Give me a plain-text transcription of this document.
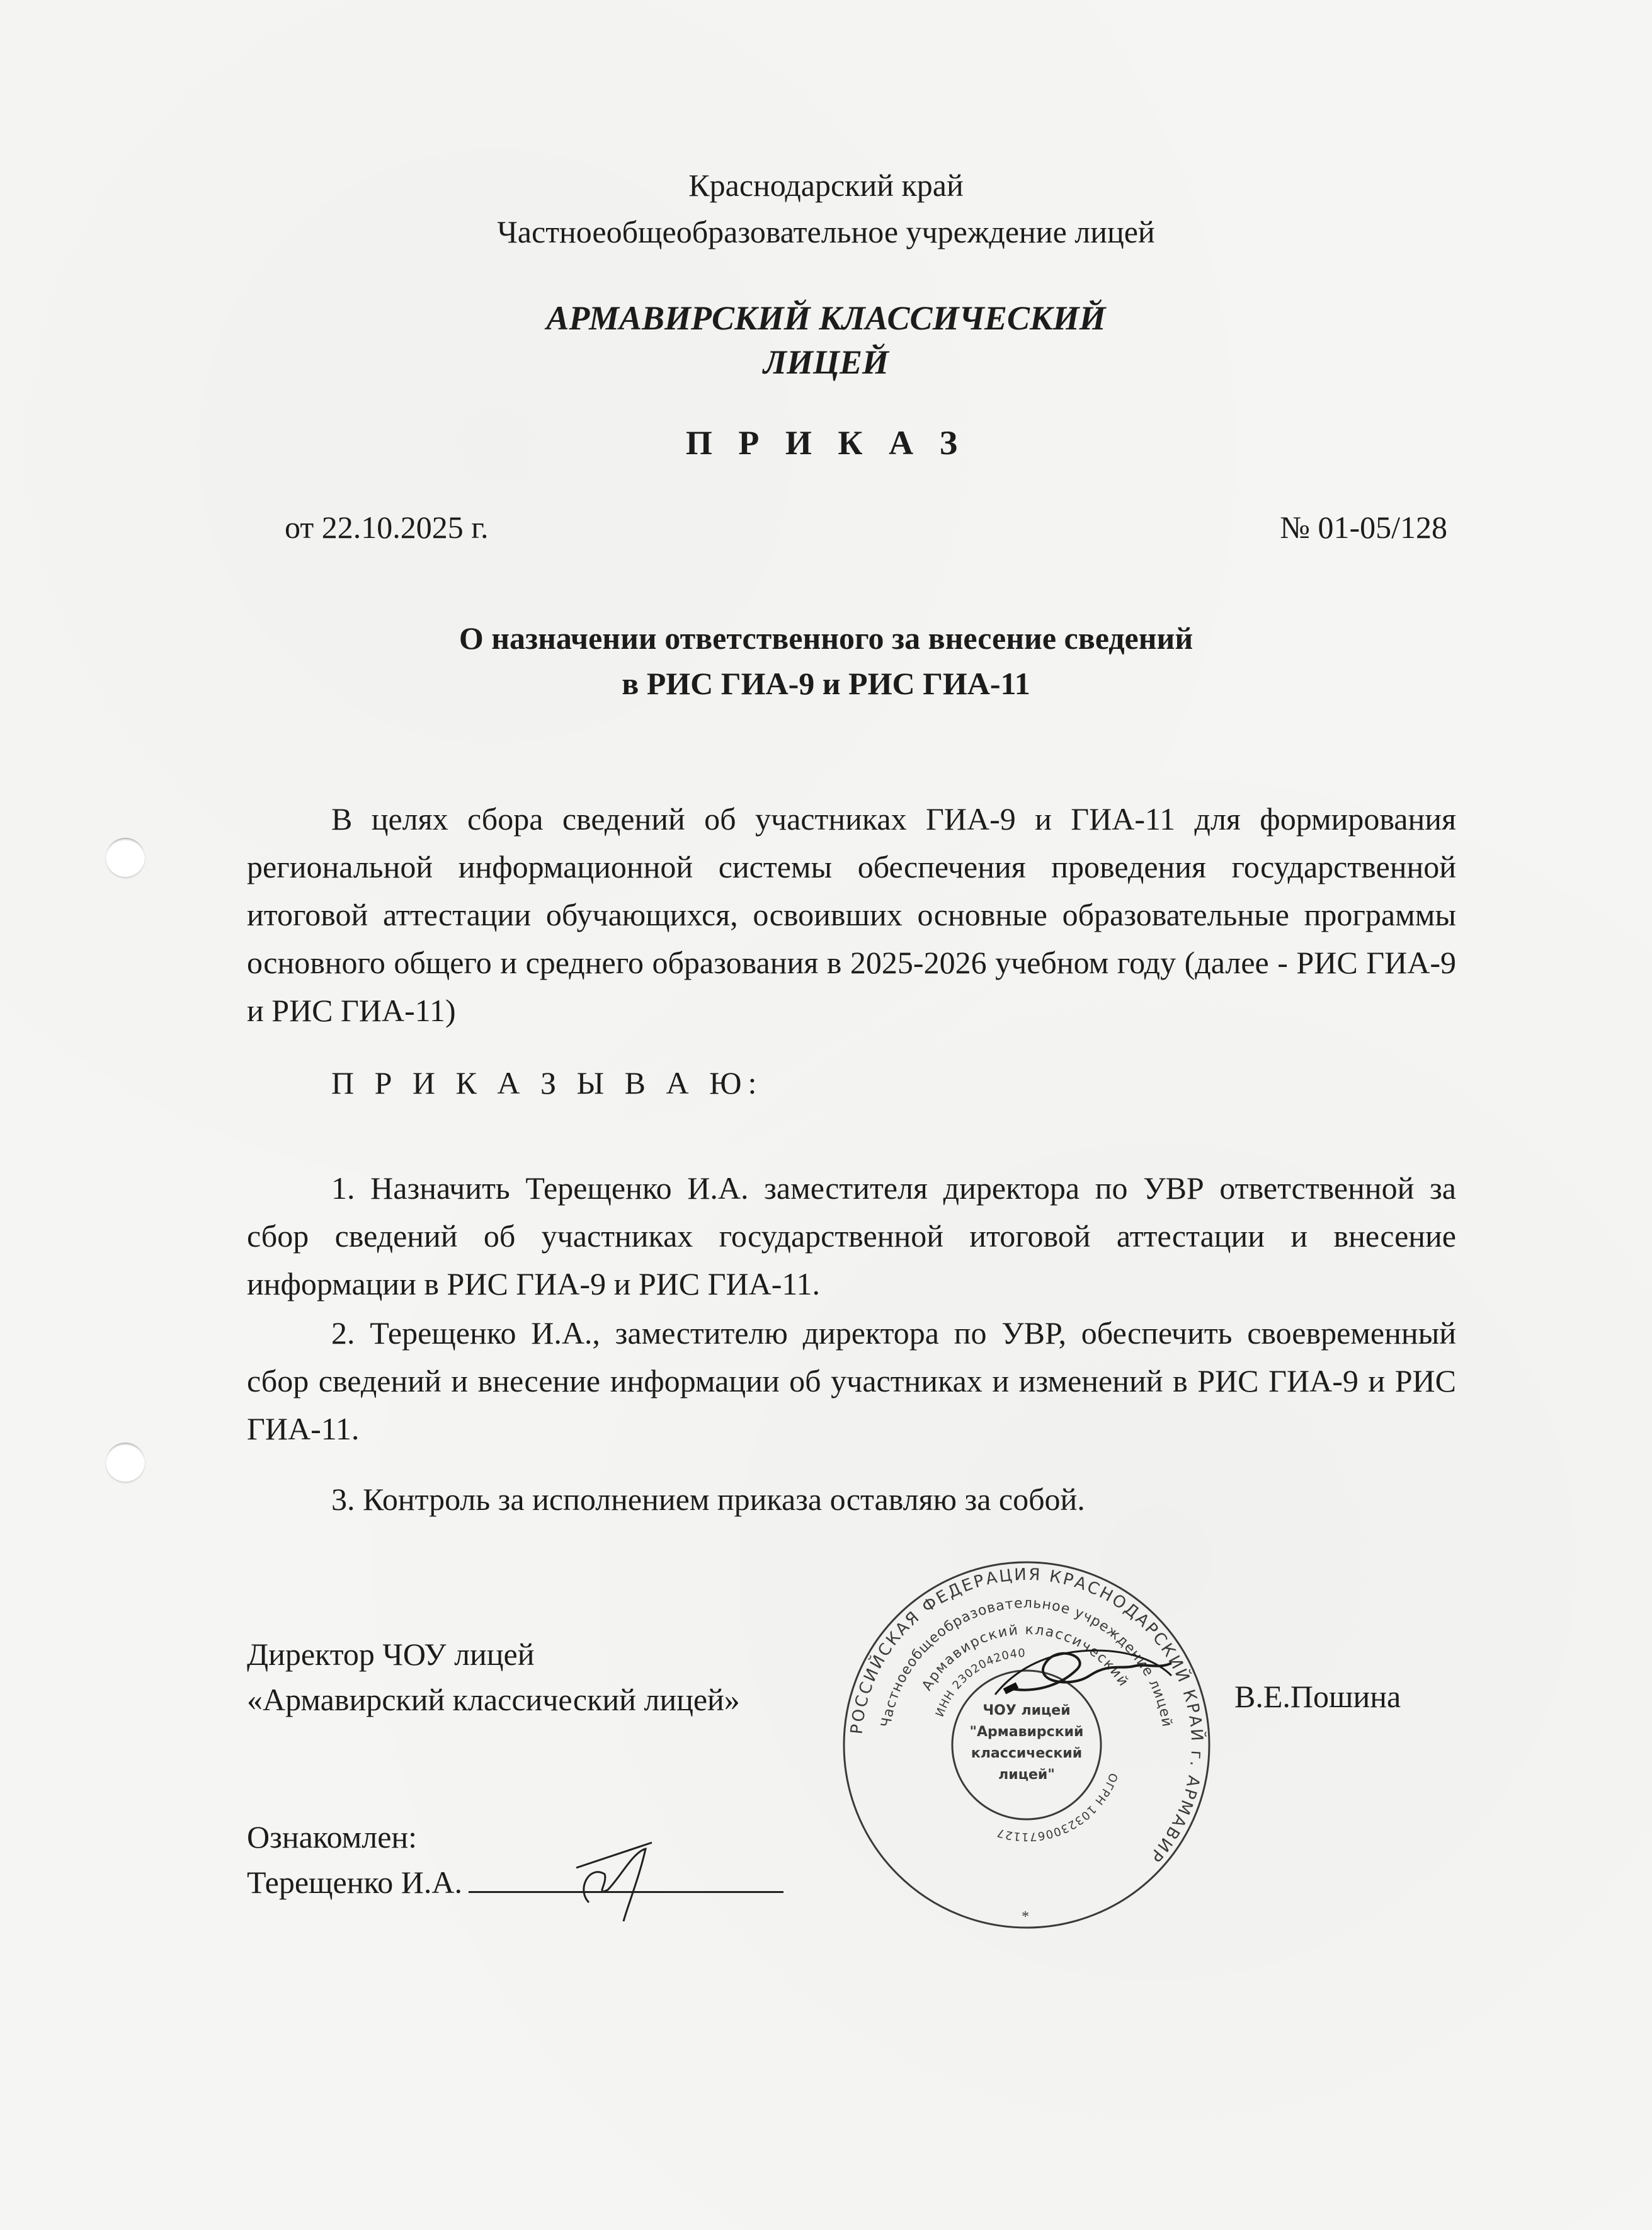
Краснодарский край
Частноеобщеобразовательное учреждение лицей
АРМАВИРСКИЙ КЛАССИЧЕСКИЙ
ЛИЦЕЙ
П Р И К А З
от 22.10.2025 г.	№ 01-05/128
О назначении ответственного за внесение сведений
в РИС ГИА-9 и РИС ГИА-11
В целях сбора сведений об участниках ГИА-9 и ГИА-11 для формирования региональной информационной системы обеспечения проведения государственной итоговой аттестации обучающихся, освоивших основные образовательные программы основного общего и среднего образования в 2025-2026 учебном году (далее - РИС ГИА-9 и РИС ГИА-11)
П Р И К А З Ы В А Ю:
1. Назначить Терещенко И.А. заместителя директора по УВР ответственной за сбор сведений об участниках государственной итоговой аттестации и внесение информации в РИС ГИА-9 и РИС ГИА-11.
2. Терещенко И.А., заместителю директора по УВР, обеспечить своевременный сбор сведений и внесение информации об участниках и изменений в РИС ГИА-9 и РИС ГИА-11.
3. Контроль за исполнением приказа оставляю за собой.
Директор ЧОУ лицей
«Армавирский классический лицей»	В.Е.Пошина
РОССИЙСКАЯ ФЕДЕРАЦИЯ КРАСНОДАРСКИЙ КРАЙ г. АРМАВИР
Частноеобщеобразовательное учреждение лицей
Армавирский классический
ИНН 2302042040
ОГРН 1032300671127
ЧОУ лицей
"Армавирский
классический
лицей"
*
Ознакомлен:
Терещенко И.А.
